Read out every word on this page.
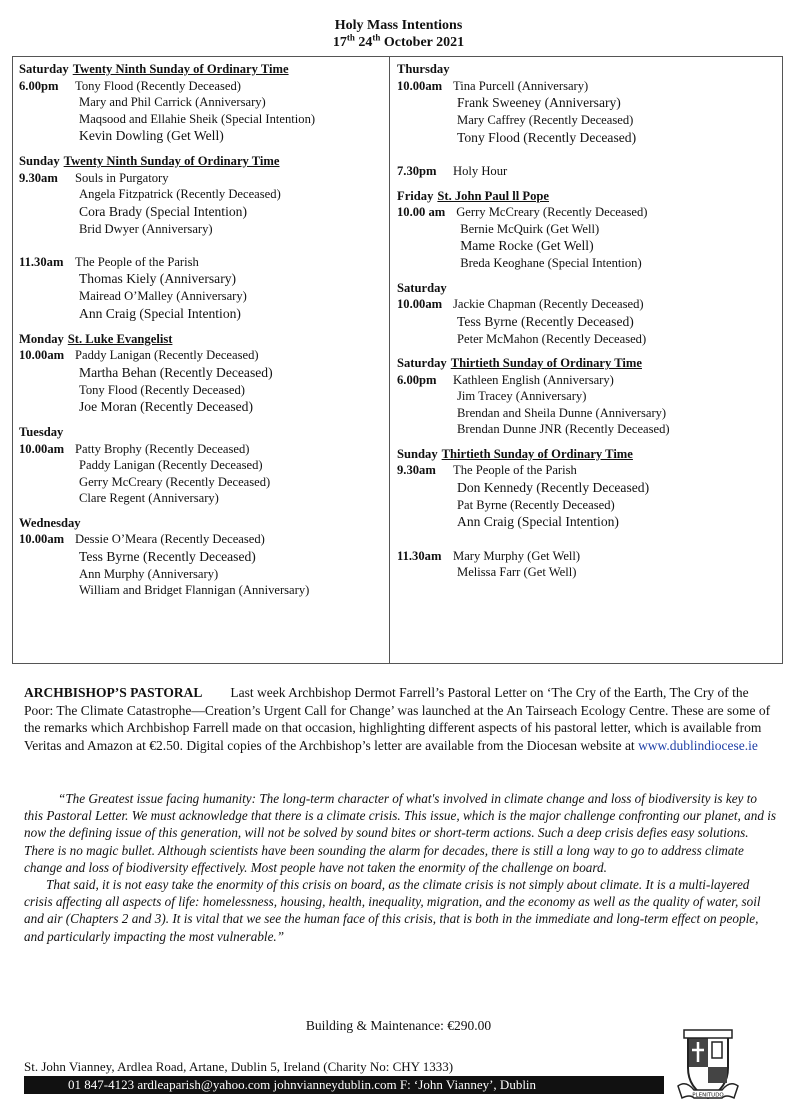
Holy Mass Intentions
17th 24th October 2021
Saturday Twenty Ninth Sunday of Ordinary Time
6.00pm Tony Flood (Recently Deceased)
Mary and Phil Carrick (Anniversary)
Maqsood and Ellahie Sheik (Special Intention)
Kevin Dowling (Get Well)
Sunday Twenty Ninth Sunday of Ordinary Time
9.30am Souls in Purgatory
Angela Fitzpatrick (Recently Deceased)
Cora Brady (Special Intention)
Brid Dwyer (Anniversary)

11.30am The People of the Parish
Thomas Kiely (Anniversary)
Mairead O’Malley (Anniversary)
Ann Craig (Special Intention)
Monday St. Luke Evangelist
10.00am Paddy Lanigan (Recently Deceased)
Martha Behan (Recently Deceased)
Tony Flood (Recently Deceased)
Joe Moran (Recently Deceased)
Tuesday
10.00am Patty Brophy (Recently Deceased)
Paddy Lanigan (Recently Deceased)
Gerry McCreary (Recently Deceased)
Clare Regent (Anniversary)
Wednesday
10.00am Dessie O’Meara (Recently Deceased)
Tess Byrne (Recently Deceased)
Ann Murphy (Anniversary)
William and Bridget Flannigan (Anniversary)
Thursday
10.00am Tina Purcell (Anniversary)
Frank Sweeney (Anniversary)
Mary Caffrey (Recently Deceased)
Tony Flood (Recently Deceased)

7.30pm Holy Hour
Friday St. John Paul ll Pope
10.00 am Gerry McCreary (Recently Deceased)
Bernie McQuirk (Get Well)
Mame Rocke (Get Well)
Breda Keoghane (Special Intention)
Saturday
10.00am Jackie Chapman (Recently Deceased)
Tess Byrne (Recently Deceased)
Peter McMahon (Recently Deceased)
Saturday Thirtieth Sunday of Ordinary Time
6.00pm Kathleen English (Anniversary)
Jim Tracey (Anniversary)
Brendan and Sheila Dunne (Anniversary)
Brendan Dunne JNR (Recently Deceased)
Sunday Thirtieth Sunday of Ordinary Time
9.30am The People of the Parish
Don Kennedy (Recently Deceased)
Pat Byrne (Recently Deceased)
Ann Craig (Special Intention)

11.30am Mary Murphy (Get Well)
Melissa Farr (Get Well)
ARCHBISHOP’S PASTORAL Last week Archbishop Dermot Farrell’s Pastoral Letter on ‘The Cry of the Earth, The Cry of the Poor: The Climate Catastrophe—Creation’s Urgent Call for Change’ was launched at the An Tairseach Ecology Centre. These are some of the remarks which Archbishop Farrell made on that occasion, highlighting different aspects of his pastoral letter, which is available from Veritas and Amazon at €2.50. Digital copies of the Archbishop’s letter are available from the Diocesan website at www.dublindiocese.ie

“The Greatest issue facing humanity: The long-term character of what's involved in climate change and loss of biodiversity is key to this Pastoral Letter. We must acknowledge that there is a climate crisis. This issue, which is the major challenge confronting our planet, and is now the defining issue of this generation, will not be solved by sound bites or short-term actions. Such a deep crisis defies easy solutions. There is no magic bullet. Although scientists have been sounding the alarm for decades, there is still a long way to go to address climate change and loss of biodiversity effectively. Most people have not taken the enormity of the challenge on board.

That said, it is not easy take the enormity of this crisis on board, as the climate crisis is not simply about climate. It is a multi-layered crisis affecting all aspects of life: homelessness, housing, health, inequality, migration, and the economy as well as the quality of water, soil and air (Chapters 2 and 3). It is vital that we see the human face of this crisis, that is both in the immediate and long-term effect on people, and particularly impacting the most vulnerable.”

Building & Maintenance: €290.00
St. John Vianney, Ardlea Road, Artane, Dublin 5, Ireland (Charity No: CHY 1333)
01 847-4123 ardleaparish@yahoo.com johnvianneydublin.com F: ‘John Vianney’, Dublin
PLENITUDO
